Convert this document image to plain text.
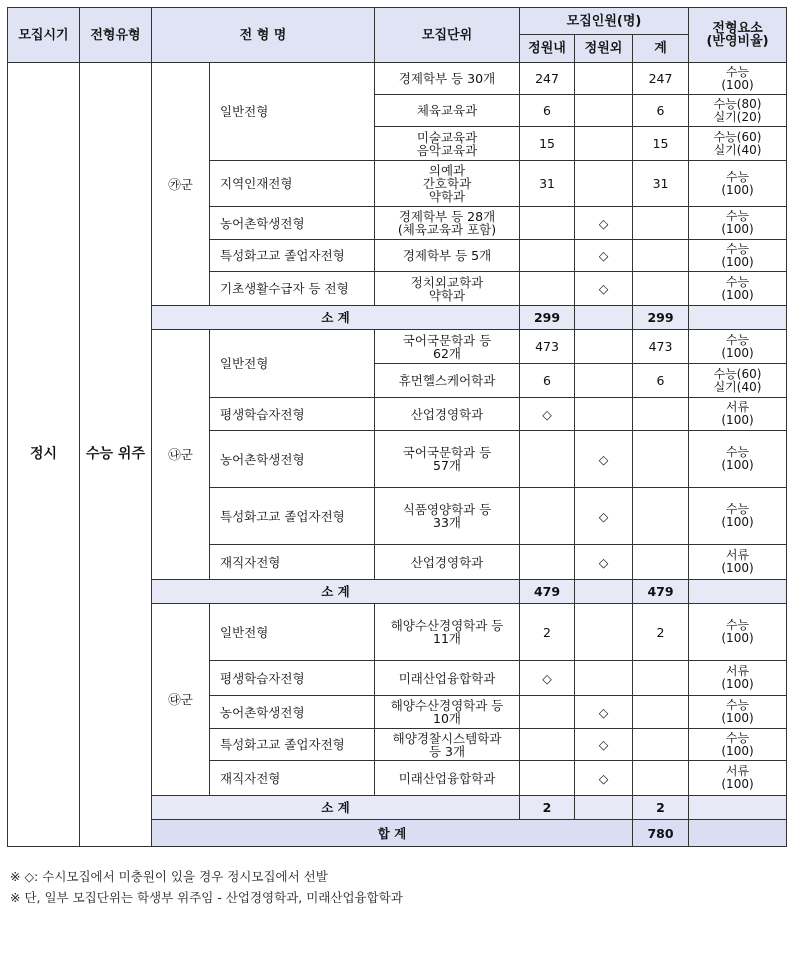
모집시기	전형유형	전 형 명		모집단위	모집인원(명)			전형요소
(반영비율)	
					정원내	정원외	계		
정시	수능 위주	㉮군	일반전형	경제학부 등 30개	247		247	수능
(100)	
				체육교육과	6		6	수능(80)
실기(20)	
				미술교육과
음악교육과	15		15	수능(60)
실기(40)	
			지역인재전형	의예과
간호학과
약학과	31		31	수능
(100)	
			농어촌학생전형	경제학부 등 28개
(체육교육과 포함)		◇		수능
(100)	
			특성화고교 졸업자전형	경제학부 등 5개		◇		수능
(100)	
			기초생활수급자 등 전형	정치외교학과
약학과		◇		수능
(100)	
		소 계			299		299		
		㉯군	일반전형	국어국문학과 등
62개	473		473	수능
(100)	
				휴먼헬스케어학과	6		6	수능(60)
실기(40)	
			평생학습자전형	산업경영학과	◇			서류
(100)	
			농어촌학생전형	국어국문학과 등
57개		◇		수능
(100)	
			특성화고교 졸업자전형	식품영양학과 등
33개		◇		수능
(100)	
			재직자전형	산업경영학과		◇		서류
(100)	
		소 계			479		479		
		㉰군	일반전형	해양수산경영학과 등
11개	2		2	수능
(100)	
			평생학습자전형	미래산업융합학과	◇			서류
(100)	
			농어촌학생전형	해양수산경영학과 등
10개		◇		수능
(100)	
			특성화고교 졸업자전형	해양경찰시스템학과
등 3개		◇		수능
(100)	
			재직자전형	미래산업융합학과		◇		서류
(100)	
		소 계			2		2		
		합 계					780			
※ ◇: 수시모집에서 미충원이 있을 경우 정시모집에서 선발
※ 단, 일부 모집단위는 학생부 위주임 - 산업경영학과, 미래산업융합학과
